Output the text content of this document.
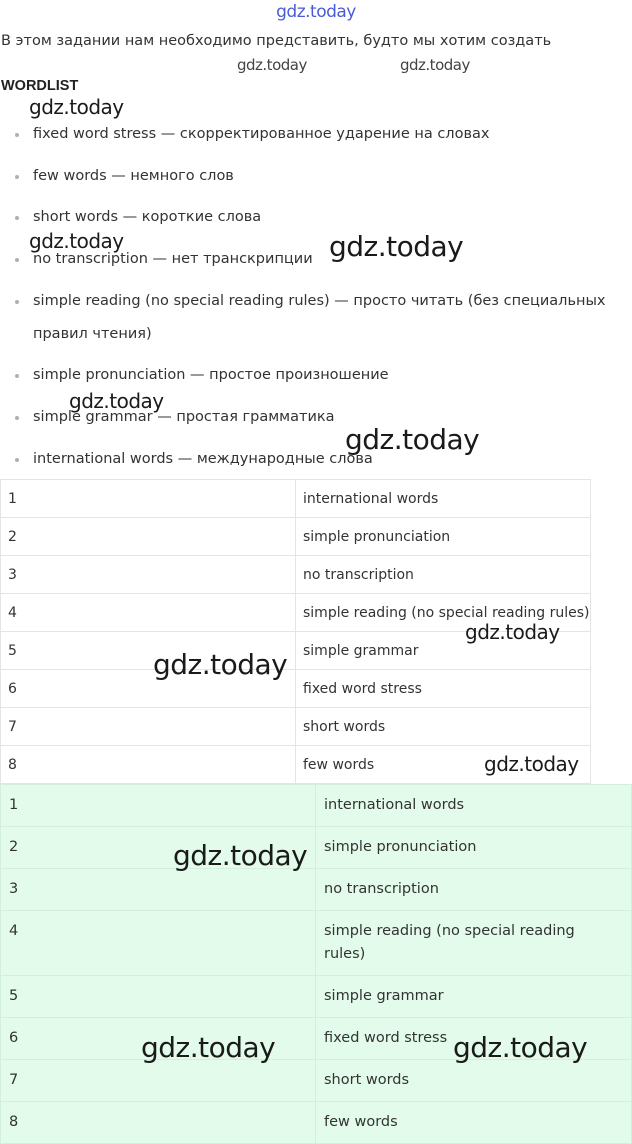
gdz.today
В этом задании нам необходимо представить, будто мы хотим создать
WORDLIST
fixed word stress — скорректированное ударение на словах
few words — немного слов
short words — короткие слова
no transcription — нет транскрипции
simple reading (no special reading rules) — просто читать (без специальных правил чтения)
simple pronunciation — простое произношение
simple grammar — простая грамматика
international words — международные слова
1	international words
2	simple pronunciation
3	no transcription
4	simple reading (no special reading rules)
5	simple grammar
6	fixed word stress
7	short words
8	few words
1	international words
2	simple pronunciation
3	no transcription
4	simple reading (no special reading rules)
5	simple grammar
6	fixed word stress
7	short words
8	few words
gdz.today	gdz.today
gdz.today
gdz.today	gdz.today
gdz.today
gdz.today
gdz.today
gdz.today
gdz.today
gdz.today
gdz.today	gdz.today
